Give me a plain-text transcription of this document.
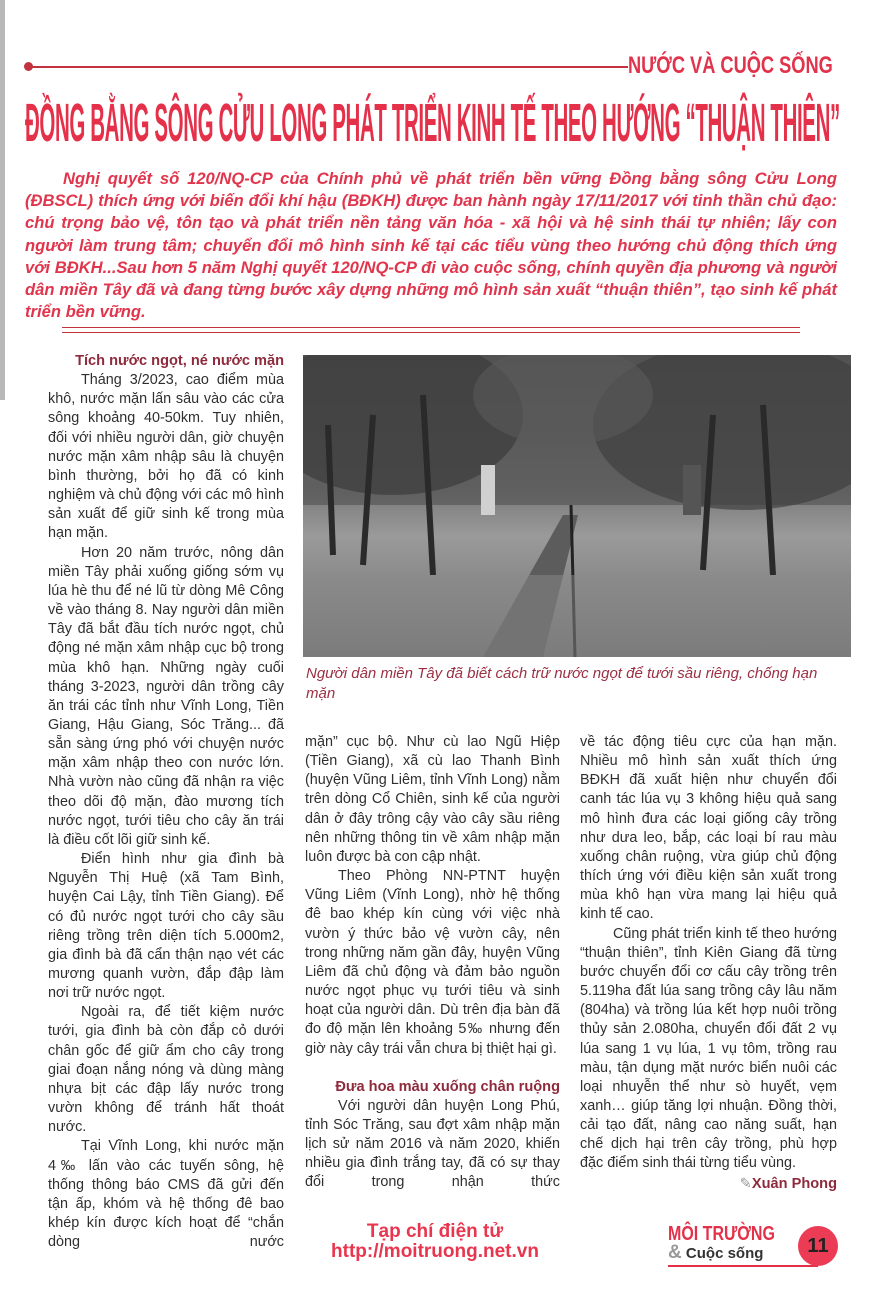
NƯỚC VÀ CUỘC SỐNG
ĐỒNG BẰNG SÔNG CỬU LONG PHÁT TRIỂN KINH TẾ THEO HƯỚNG “THUẬN THIÊN”

Nghị quyết số 120/NQ-CP của Chính phủ về phát triển bền vững Đồng bằng sông Cửu Long (ĐBSCL) thích ứng với biến đổi khí hậu (BĐKH) được ban hành ngày 17/11/2017 với tinh thần chủ đạo: chú trọng bảo vệ, tôn tạo và phát triển nền tảng văn hóa - xã hội và hệ sinh thái tự nhiên; lấy con người làm trung tâm; chuyển đổi mô hình sinh kế tại các tiểu vùng theo hướng chủ động thích ứng với BĐKH...Sau hơn 5 năm Nghị quyết 120/NQ-CP đi vào cuộc sống, chính quyền địa phương và người dân miền Tây đã và đang từng bước xây dựng những mô hình sản xuất “thuận thiên”, tạo sinh kế phát triển bền vững.

Tích nước ngọt, né nước mặn

Tháng 3/2023, cao điểm mùa khô, nước mặn lấn sâu vào các cửa sông khoảng 40-50km. Tuy nhiên, đối với nhiều người dân, giờ chuyện nước mặn xâm nhập sâu là chuyện bình thường, bởi họ đã có kinh nghiệm và chủ động với các mô hình sản xuất để giữ sinh kế trong mùa hạn mặn.

Hơn 20 năm trước, nông dân miền Tây phải xuống giống sớm vụ lúa hè thu để né lũ từ dòng Mê Công về vào tháng 8. Nay người dân miền Tây đã bắt đầu tích nước ngọt, chủ động né mặn xâm nhập cục bộ trong mùa khô hạn. Những ngày cuối tháng 3-2023, người dân trồng cây ăn trái các tỉnh như Vĩnh Long, Tiền Giang, Hậu Giang, Sóc Trăng... đã sẵn sàng ứng phó với chuyện nước mặn xâm nhập theo con nước lớn. Nhà vườn nào cũng đã nhận ra việc theo dõi độ mặn, đào mương tích nước ngọt, tưới tiêu cho cây ăn trái là điều cốt lõi giữ sinh kế.

Điển hình như gia đình bà Nguyễn Thị Huệ (xã Tam Bình, huyện Cai Lậy, tỉnh Tiền Giang). Để có đủ nước ngọt tưới cho cây sầu riêng trồng trên diện tích 5.000m2, gia đình bà đã cẩn thận nạo vét các mương quanh vườn, đắp đập làm nơi trữ nước ngọt.

Ngoài ra, để tiết kiệm nước tưới, gia đình bà còn đắp cỏ dưới chân gốc để giữ ẩm cho cây trong giai đoạn nắng nóng và dùng màng nhựa bịt các đập lấy nước trong vườn không để tránh hất thoát nước.

Tại Vĩnh Long, khi nước mặn 4‰ lấn vào các tuyến sông, hệ thống thông báo CMS đã gửi đến tận ấp, khóm và hệ thống đê bao khép kín được kích hoạt để “chắn dòng nước

Người dân miền Tây đã biết cách trữ nước ngọt để tưới sầu riêng, chống hạn mặn

mặn” cục bộ. Như cù lao Ngũ Hiệp (Tiền Giang), xã cù lao Thanh Bình (huyện Vũng Liêm, tỉnh Vĩnh Long) nằm trên dòng Cổ Chiên, sinh kế của người dân ở đây trông cậy vào cây sầu riêng nên những thông tin về xâm nhập mặn luôn được bà con cập nhật.

Theo Phòng NN-PTNT huyện Vũng Liêm (Vĩnh Long), nhờ hệ thống đê bao khép kín cùng với việc nhà vườn ý thức bảo vệ vườn cây, nên trong những năm gần đây, huyện Vũng Liêm đã chủ động và đảm bảo nguồn nước ngọt phục vụ tưới tiêu và sinh hoạt của người dân. Dù trên địa bàn đã đo độ mặn lên khoảng 5‰ nhưng đến giờ này cây trái vẫn chưa bị thiệt hại gì.

Đưa hoa màu xuống chân ruộng

Với người dân huyện Long Phú, tỉnh Sóc Trăng, sau đợt xâm nhập mặn lịch sử năm 2016 và năm 2020, khiến nhiều gia đình trắng tay, đã có sự thay đổi trong nhận thức

về tác động tiêu cực của hạn mặn. Nhiều mô hình sản xuất thích ứng BĐKH đã xuất hiện như chuyển đổi canh tác lúa vụ 3 không hiệu quả sang mô hình đưa các loại giống cây trồng như dưa leo, bắp, các loại bí rau màu xuống chân ruộng, vừa giúp chủ động thích ứng với điều kiện sản xuất trong mùa khô hạn vừa mang lại hiệu quả kinh tế cao.

Cũng phát triển kinh tế theo hướng “thuận thiên”, tỉnh Kiên Giang đã từng bước chuyển đổi cơ cấu cây trồng trên 5.119ha đất lúa sang trồng cây lâu năm (804ha) và trồng lúa kết hợp nuôi trồng thủy sản 2.080ha, chuyển đổi đất 2 vụ lúa sang 1 vụ lúa, 1 vụ tôm, trồng rau màu, tận dụng mặt nước biển nuôi các loại nhuyễn thể như sò huyết, vẹm xanh… giúp tăng lợi nhuận. Đồng thời, cải tạo đất, nâng cao năng suất, hạn chế dịch hại trên cây trồng, phù hợp đặc điểm sinh thái từng tiểu vùng.

✎Xuân Phong
Tạp chí điện tử
http://moitruong.net.vn
MÔI TRƯỜNG
& Cuộc sống	11
